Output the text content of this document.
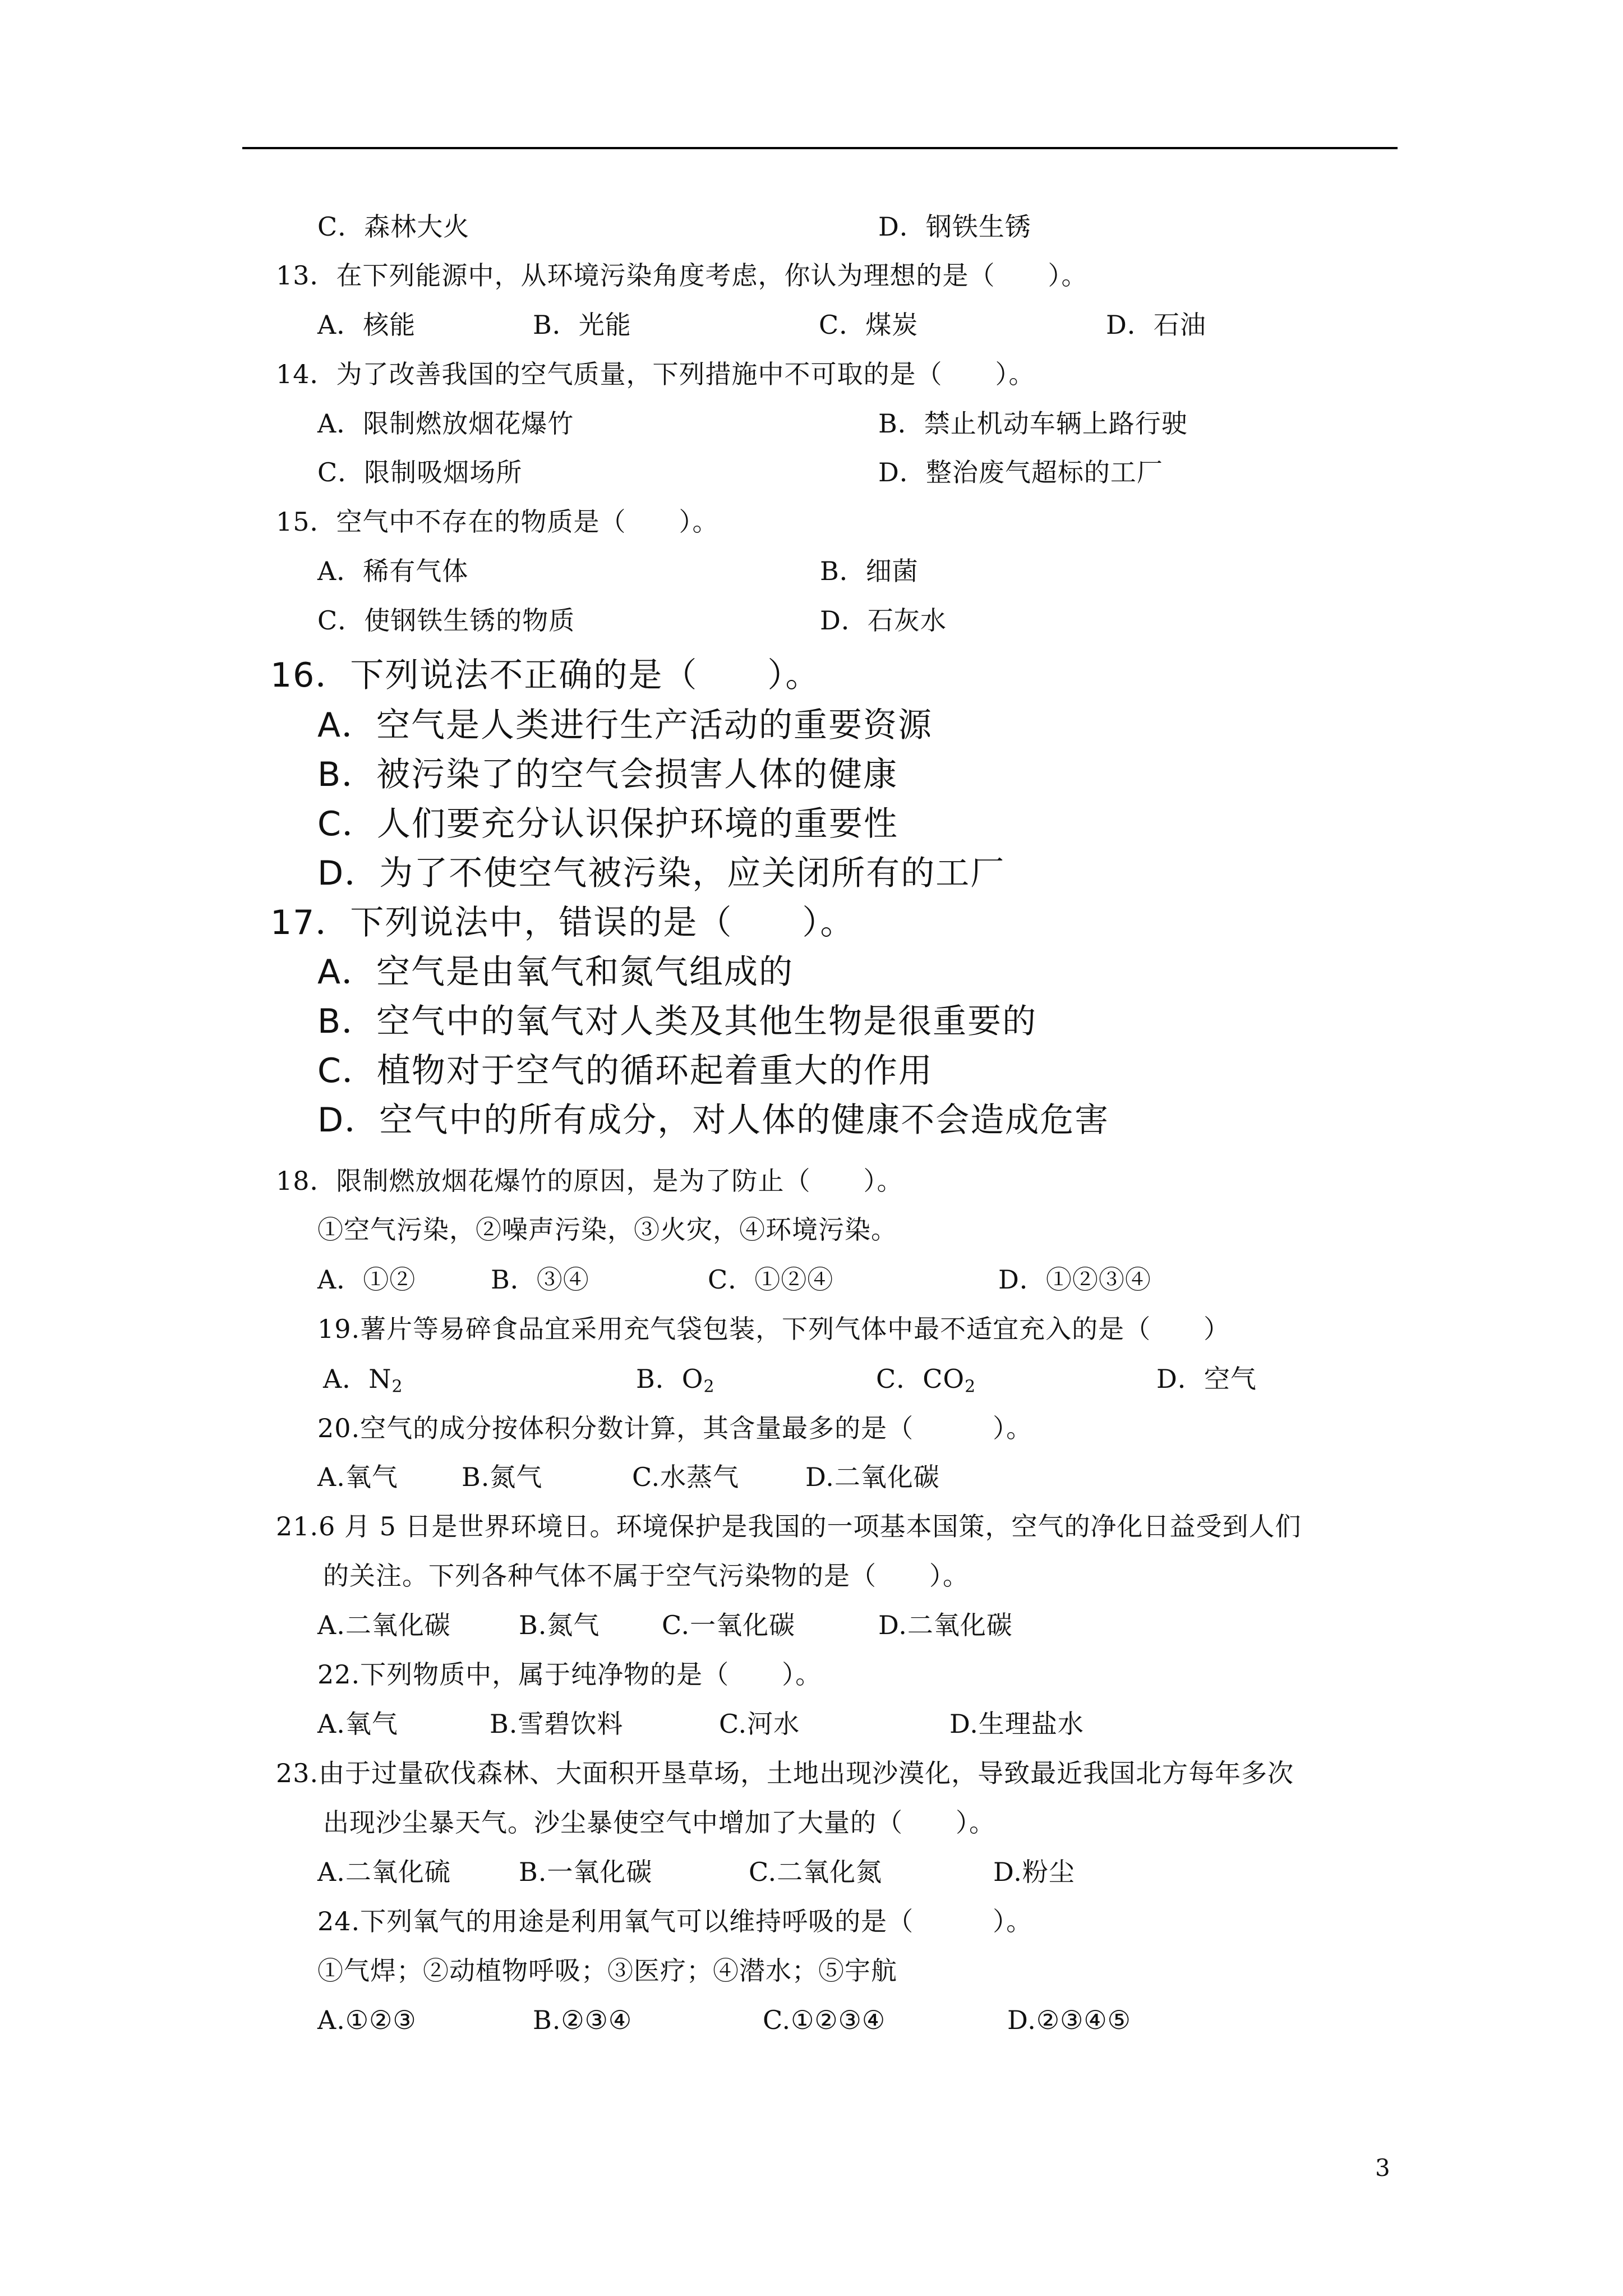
C．森林大火	D．钢铁生锈
13．在下列能源中，从环境污染角度考虑，你认为理想的是（　　）。
A．核能	B．光能	C．煤炭	D．石油
14．为了改善我国的空气质量，下列措施中不可取的是（　　）。
A．限制燃放烟花爆竹	B．禁止机动车辆上路行驶
C．限制吸烟场所	D．整治废气超标的工厂
15．空气中不存在的物质是（　　）。
A．稀有气体	B．细菌
C．使钢铁生锈的物质	D．石灰水
16．下列说法不正确的是（　　）。
A．空气是人类进行生产活动的重要资源
B．被污染了的空气会损害人体的健康
C．人们要充分认识保护环境的重要性
D．为了不使空气被污染，应关闭所有的工厂
17．下列说法中，错误的是（　　）。
A．空气是由氧气和氮气组成的
B．空气中的氧气对人类及其他生物是很重要的
C．植物对于空气的循环起着重大的作用
D．空气中的所有成分，对人体的健康不会造成危害
18．限制燃放烟花爆竹的原因，是为了防止（　　）。
①空气污染，②噪声污染，③火灾，④环境污染。
A．①②	B．③④	C．①②④	D．①②③④
19.薯片等易碎食品宜采用充气袋包装，下列气体中最不适宜充入的是（　　）
A．$N_2$	B．$O_2$	C．$CO_2$	D．空气
20.空气的成分按体积分数计算，其含量最多的是（　　　）。
A.氧气 B.氮气	C.水蒸气	D.二氧化碳
21.6 月 5 日是世界环境日。环境保护是我国的一项基本国策，空气的净化日益受到人们
的关注。下列各种气体不属于空气污染物的是（　　）。
A.二氧化碳	B.氮气 C.一氧化碳	D.二氧化碳
22.下列物质中，属于纯净物的是（　　）。
A.氧气	B.雪碧饮料	C.河水	D.生理盐水
23.由于过量砍伐森林、大面积开垦草场，土地出现沙漠化，导致最近我国北方每年多次
出现沙尘暴天气。沙尘暴使空气中增加了大量的（　　）。
A.二氧化硫	B.一氧化碳	C.二氧化氮	D.粉尘
24.下列氧气的用途是利用氧气可以维持呼吸的是（　　　）。
①气焊；②动植物呼吸；③医疗；④潜水；⑤宇航
A.①②③	B.②③④	C.①②③④	D.②③④⑤
3
